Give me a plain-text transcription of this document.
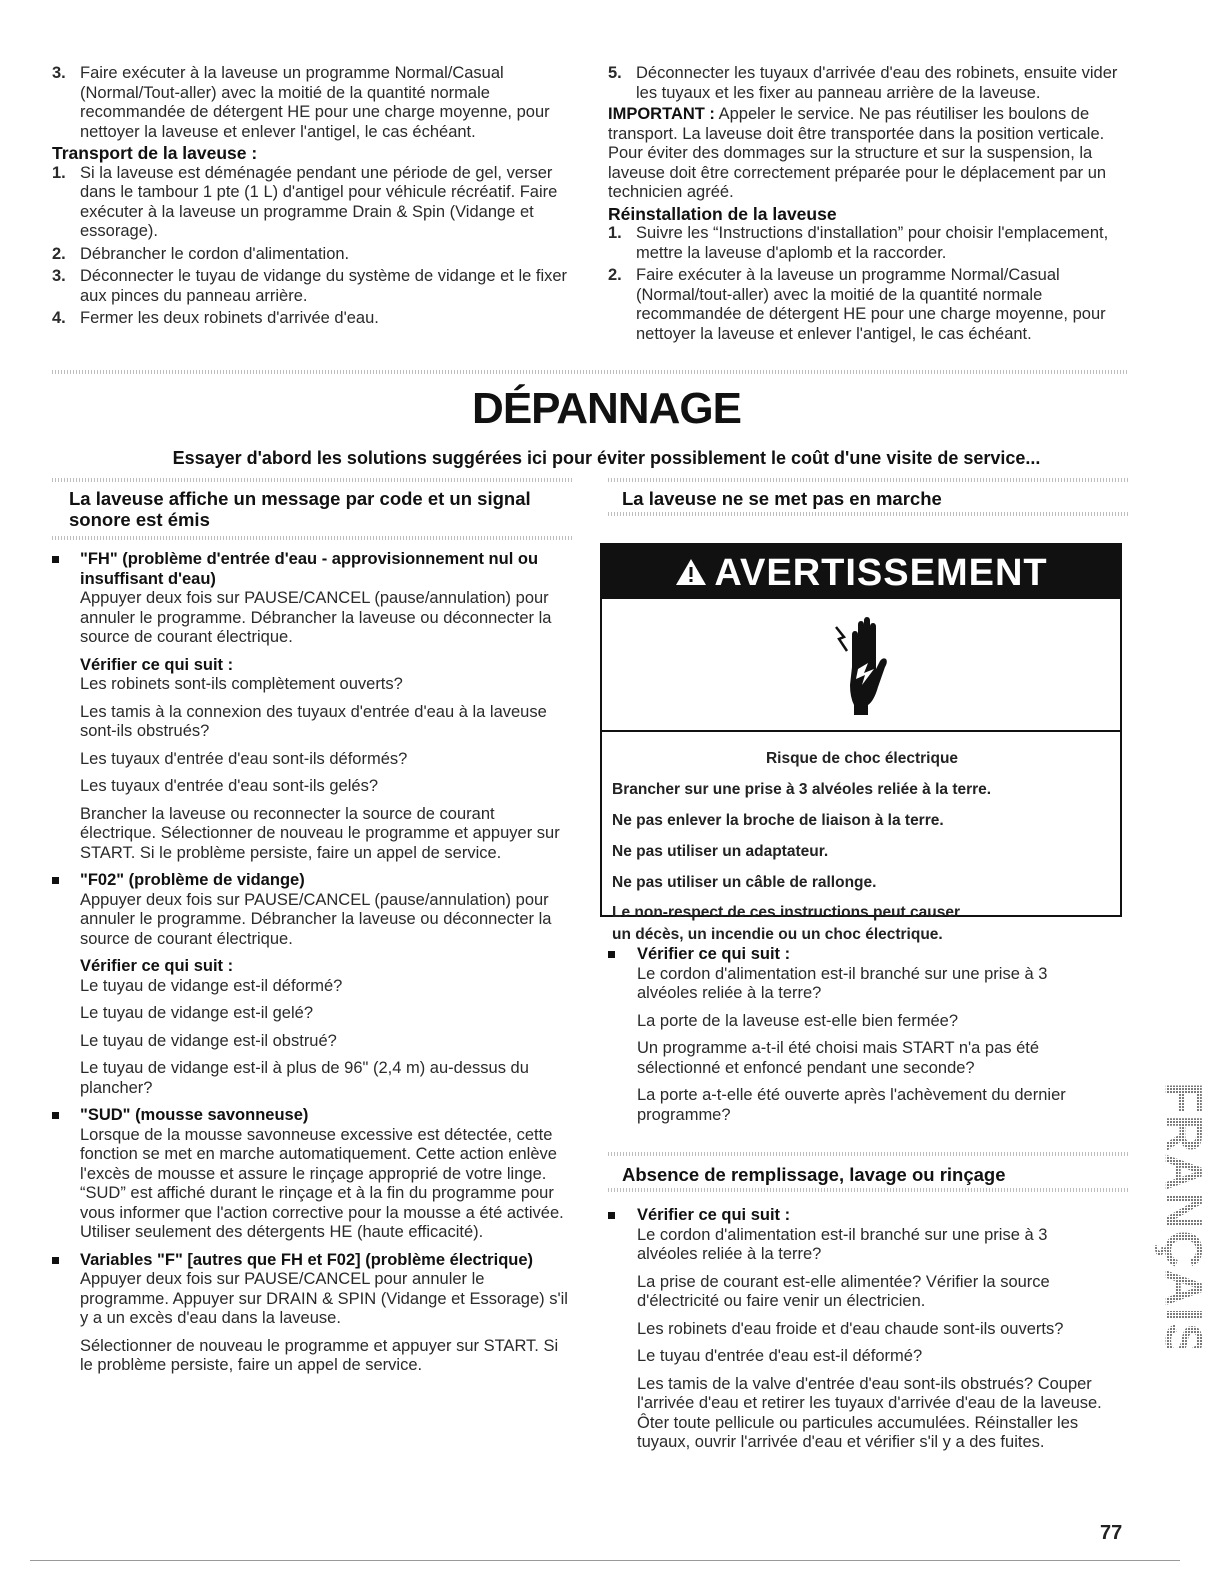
3. Faire exécuter à la laveuse un programme Normal/Casual (Normal/Tout-aller) avec la moitié de la quantité normale recommandée de détergent HE pour une charge moyenne, pour nettoyer la laveuse et enlever l'antigel, le cas échéant.

Transport de la laveuse :
1. Si la laveuse est déménagée pendant une période de gel, verser dans le tambour 1 pte (1 L) d'antigel pour véhicule récréatif. Faire exécuter à la laveuse un programme Drain & Spin (Vidange et essorage).

2. Débrancher le cordon d'alimentation.

3. Déconnecter le tuyau de vidange du système de vidange et le fixer aux pinces du panneau arrière.

4. Fermer les deux robinets d'arrivée d'eau.

5. Déconnecter les tuyaux d'arrivée d'eau des robinets, ensuite vider les tuyaux et les fixer au panneau arrière de la laveuse.

IMPORTANT : Appeler le service. Ne pas réutiliser les boulons de transport. La laveuse doit être transportée dans la position verticale. Pour éviter des dommages sur la structure et sur la suspension, la laveuse doit être correctement préparée pour le déplacement par un technicien agréé.

Réinstallation de la laveuse
1. Suivre les “Instructions d'installation” pour choisir l'emplacement, mettre la laveuse d'aplomb et la raccorder.

2. Faire exécuter à la laveuse un programme Normal/Casual (Normal/tout-aller) avec la moitié de la quantité normale recommandée de détergent HE pour une charge moyenne, pour nettoyer la laveuse et enlever l'antigel, le cas échéant.

DÉPANNAGE
Essayer d'abord les solutions suggérées ici pour éviter possiblement le coût d'une visite de service...
La laveuse affiche un message par code et un signal sonore est émis
"FH" (problème d'entrée d'eau - approvisionnement nul ou insuffisant d'eau)

Appuyer deux fois sur PAUSE/CANCEL (pause/annulation) pour annuler le programme. Débrancher la laveuse ou déconnecter la source de courant électrique.

Vérifier ce qui suit :

Les robinets sont-ils complètement ouverts?

Les tamis à la connexion des tuyaux d'entrée d'eau à la laveuse sont-ils obstrués?

Les tuyaux d'entrée d'eau sont-ils déformés?

Les tuyaux d'entrée d'eau sont-ils gelés?

Brancher la laveuse ou reconnecter la source de courant électrique. Sélectionner de nouveau le programme et appuyer sur START. Si le problème persiste, faire un appel de service.

"F02" (problème de vidange)

Appuyer deux fois sur PAUSE/CANCEL (pause/annulation) pour annuler le programme. Débrancher la laveuse ou déconnecter la source de courant électrique.

Vérifier ce qui suit :

Le tuyau de vidange est-il déformé?

Le tuyau de vidange est-il gelé?

Le tuyau de vidange est-il obstrué?

Le tuyau de vidange est-il à plus de 96" (2,4 m) au-dessus du plancher?

"SUD" (mousse savonneuse)

Lorsque de la mousse savonneuse excessive est détectée, cette fonction se met en marche automatiquement. Cette action enlève l'excès de mousse et assure le rinçage approprié de votre linge. “SUD” est affiché durant le rinçage et à la fin du programme pour vous informer que l'action corrective pour la mousse a été activée. Utiliser seulement des détergents HE (haute efficacité).

Variables "F" [autres que FH et F02] (problème électrique)

Appuyer deux fois sur PAUSE/CANCEL pour annuler le programme. Appuyer sur DRAIN & SPIN (Vidange et Essorage) s'il y a un excès d'eau dans la laveuse.

Sélectionner de nouveau le programme et appuyer sur START. Si le problème persiste, faire un appel de service.

La laveuse ne se met pas en marche
AVERTISSEMENT
Risque de choc électrique
Brancher sur une prise à 3 alvéoles reliée à la terre.
Ne pas enlever la broche de liaison à la terre.
Ne pas utiliser un adaptateur.
Ne pas utiliser un câble de rallonge.
Le non-respect de ces instructions peut causer
un décès, un incendie ou un choc électrique.
Vérifier ce qui suit :

Le cordon d'alimentation est-il branché sur une prise à 3 alvéoles reliée à la terre?

La porte de la laveuse est-elle bien fermée?

Un programme a-t-il été choisi mais START n'a pas été sélectionné et enfoncé pendant une seconde?

La porte a-t-elle été ouverte après l'achèvement du dernier programme?

Absence de remplissage, lavage ou rinçage
Vérifier ce qui suit :

Le cordon d'alimentation est-il branché sur une prise à 3 alvéoles reliée à la terre?

La prise de courant est-elle alimentée? Vérifier la source d'électricité ou faire venir un électricien.

Les robinets d'eau froide et d'eau chaude sont-ils ouverts?

Le tuyau d'entrée d'eau est-il déformé?

Les tamis de la valve d'entrée d'eau sont-ils obstrués? Couper l'arrivée d'eau et retirer les tuyaux d'arrivée d'eau de la laveuse. Ôter toute pellicule ou particules accumulées. Réinstaller les tuyaux, ouvrir l'arrivée d'eau et vérifier s'il y a des fuites.

FRANÇAIS
77
